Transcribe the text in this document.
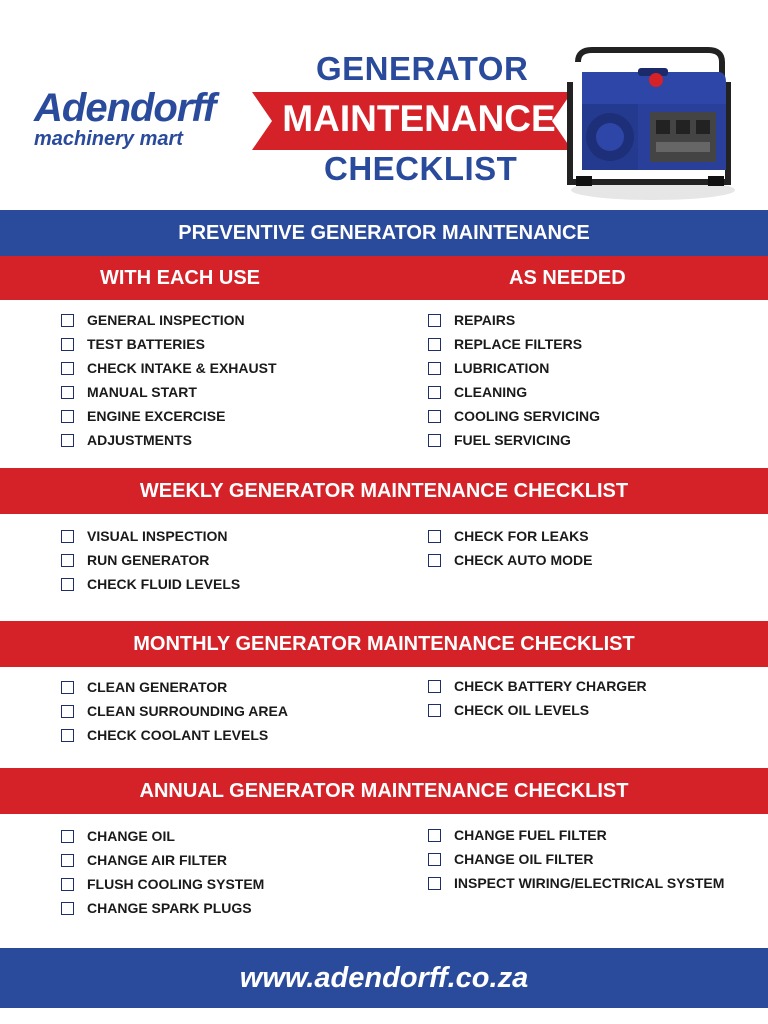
Adendorff
machinery mart
GENERATOR
MAINTENANCE
CHECKLIST
PREVENTIVE GENERATOR MAINTENANCE
WITH EACH USE	AS NEEDED
GENERAL INSPECTION
TEST BATTERIES
CHECK INTAKE & EXHAUST
MANUAL START
ENGINE EXCERCISE
ADJUSTMENTS
REPAIRS
REPLACE FILTERS
LUBRICATION
CLEANING
COOLING SERVICING
FUEL SERVICING
WEEKLY GENERATOR MAINTENANCE CHECKLIST
VISUAL INSPECTION
RUN GENERATOR
CHECK FLUID LEVELS
CHECK FOR LEAKS
CHECK AUTO MODE
MONTHLY GENERATOR MAINTENANCE CHECKLIST
CLEAN GENERATOR
CLEAN SURROUNDING AREA
CHECK COOLANT LEVELS
CHECK BATTERY CHARGER
CHECK OIL LEVELS
ANNUAL GENERATOR MAINTENANCE CHECKLIST
CHANGE OIL
CHANGE AIR FILTER
FLUSH COOLING SYSTEM
CHANGE SPARK PLUGS
CHANGE FUEL FILTER
CHANGE OIL FILTER
INSPECT WIRING/ELECTRICAL SYSTEM
www.adendorff.co.za
